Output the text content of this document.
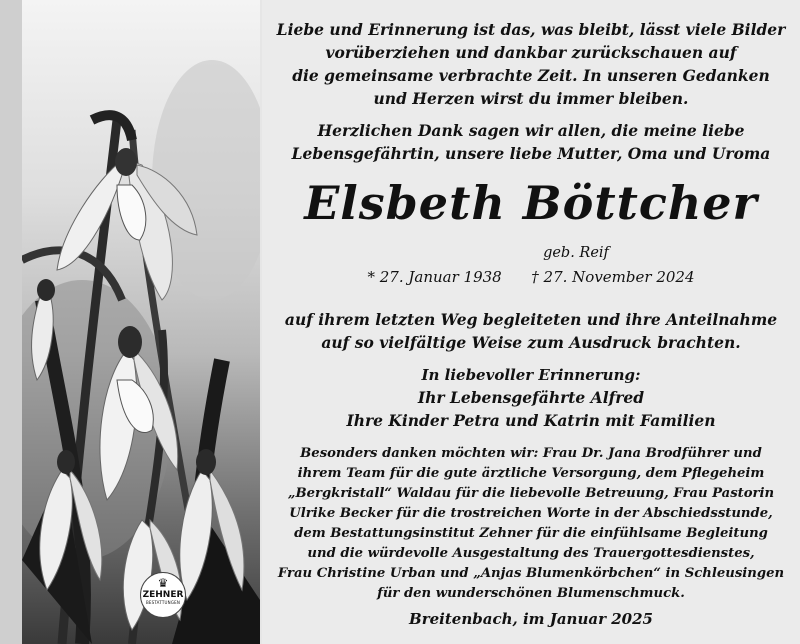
♛
ZEHNER
BESTATTUNGEN
Liebe und Erinnerung ist das, was bleibt, lässt viele Bilder
vorüberziehen und dankbar zurückschauen auf
die gemeinsame verbrachte Zeit. In unseren Gedanken
und Herzen wirst du immer bleiben.
Herzlichen Dank sagen wir allen, die meine liebe
Lebensgefährtin, unsere liebe Mutter, Oma und Uroma
Elsbeth Böttcher
geb. Reif
* 27. Januar 1938 † 27. November 2024
auf ihrem letzten Weg begleiteten und ihre Anteilnahme
auf so vielfältige Weise zum Ausdruck brachten.
In liebevoller Erinnerung:
Ihr Lebensgefährte Alfred
Ihre Kinder Petra und Katrin mit Familien
Besonders danken möchten wir: Frau Dr. Jana Brodführer und
ihrem Team für die gute ärztliche Versorgung, dem Pflegeheim
„Bergkristall“ Waldau für die liebevolle Betreuung, Frau Pastorin
Ulrike Becker für die trostreichen Worte in der Abschiedsstunde,
dem Bestattungsinstitut Zehner für die einfühlsame Begleitung
und die würdevolle Ausgestaltung des Trauergottesdienstes,
Frau Christine Urban und „Anjas Blumenkörbchen“ in Schleusingen
für den wunderschönen Blumenschmuck.
Breitenbach, im Januar 2025
